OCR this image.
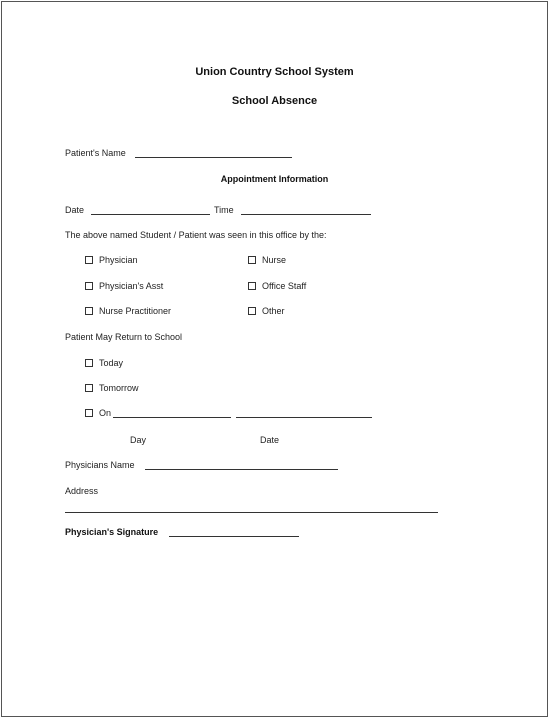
Union Country School System
School Absence
Patient's Name
Appointment Information
Date	Time
The above named Student / Patient was seen in this office by the:
Physician
Physician's Asst
Nurse Practitioner
Nurse
Office Staff
Other
Patient May Return to School
Today
Tomorrow
On
Day	Date
Physicians Name
Address
Physician's Signature
